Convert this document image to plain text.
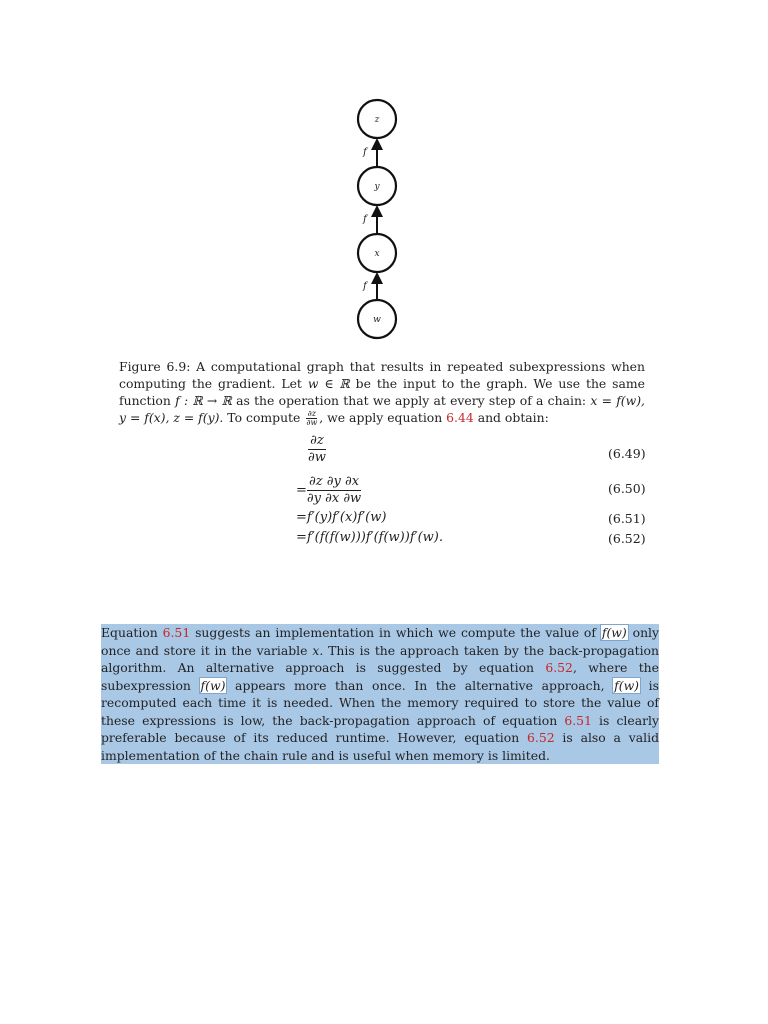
z
y
x
w
f
f
f
Figure 6.9: A computational graph that results in repeated subexpressions when computing the gradient. Let w ∈ ℝ be the input to the graph. We use the same function f : ℝ → ℝ as the operation that we apply at every step of a chain: x = f(w), y = f(x), z = f(y). To compute $\frac{\partial z}{\partial w}$ , we apply equation 6.44 and obtain:
$\frac{\partial z}{\partial w}$	(6.49)
= $\frac{\partial z \partial y \partial x}{\partial y \partial x \partial w}$	(6.50)
=f′(y)f′(x)f′(w)	(6.51)
=f′(f(f(w)))f′(f(w))f′(w).	(6.52)
Equation 6.51 suggests an implementation in which we compute the value of f(w) only once and store it in the variable x. This is the approach taken by the back-propagation algorithm. An alternative approach is suggested by equation 6.52, where the subexpression f(w) appears more than once. In the alternative approach, f(w) is recomputed each time it is needed. When the memory required to store the value of these expressions is low, the back-propagation approach of equation 6.51 is clearly preferable because of its reduced runtime. However, equation 6.52 is also a valid implementation of the chain rule and is useful when memory is limited.
